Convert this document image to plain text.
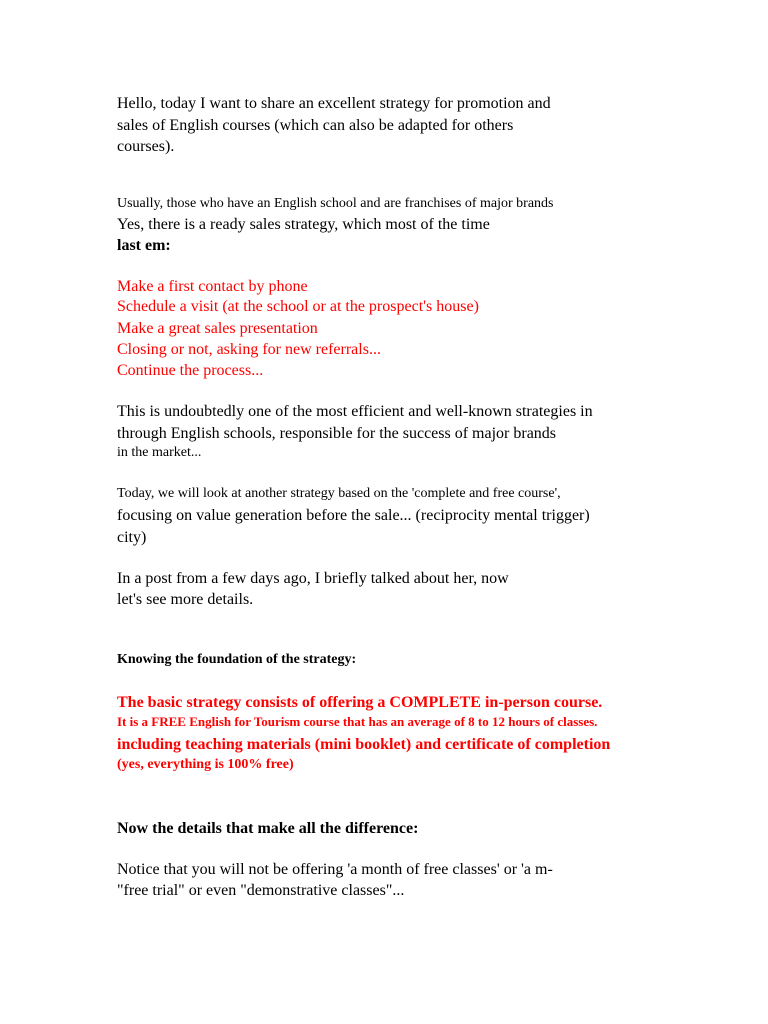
Hello, today I want to share an excellent strategy for promotion and

sales of English courses (which can also be adapted for others

courses).

Usually, those who have an English school and are franchises of major brands

Yes, there is a ready sales strategy, which most of the time

last em:

Make a first contact by phone

Schedule a visit (at the school or at the prospect's house)

Make a great sales presentation

Closing or not, asking for new referrals...

Continue the process...

This is undoubtedly one of the most efficient and well-known strategies in

through English schools, responsible for the success of major brands

in the market...

Today, we will look at another strategy based on the 'complete and free course',

focusing on value generation before the sale... (reciprocity mental trigger)

city)

In a post from a few days ago, I briefly talked about her, now

let's see more details.

Knowing the foundation of the strategy:

The basic strategy consists of offering a COMPLETE in-person course.

It is a FREE English for Tourism course that has an average of 8 to 12 hours of classes.

including teaching materials (mini booklet) and certificate of completion

(yes, everything is 100% free)

Now the details that make all the difference:

Notice that you will not be offering 'a month of free classes' or 'a m-

"free trial" or even "demonstrative classes"...
